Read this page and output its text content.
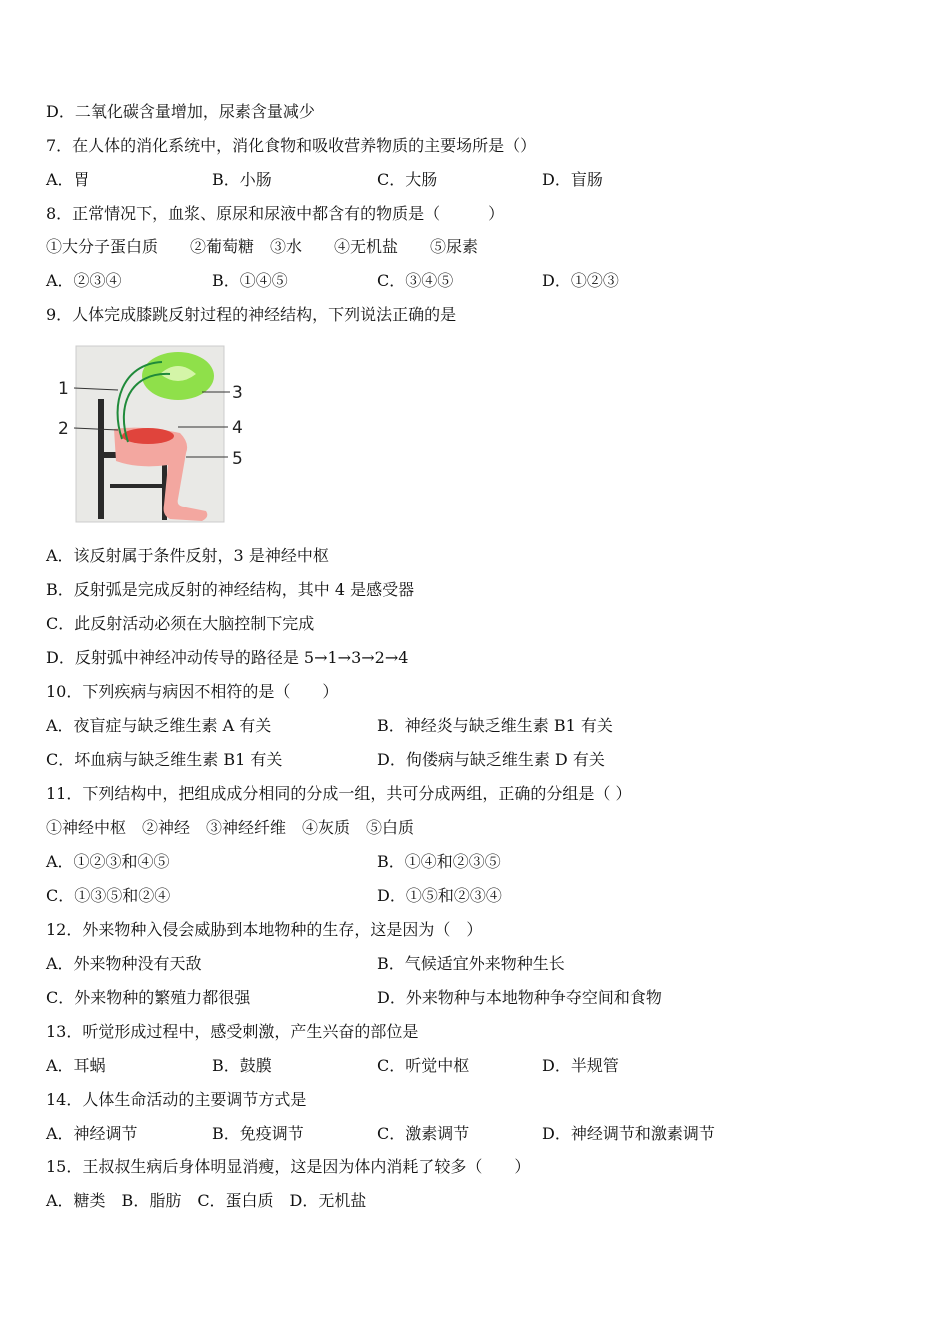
D．二氧化碳含量增加，尿素含量减少
7．在人体的消化系统中，消化食物和吸收营养物质的主要场所是（）
A．胃	B．小肠	C．大肠	D．盲肠
8．正常情况下，血浆、原尿和尿液中都含有的物质是（　　　）
①大分子蛋白质　　②葡萄糖　③水　　④无机盐　　⑤尿素
A．②③④	B．①④⑤	C．③④⑤	D．①②③
9．人体完成膝跳反射过程的神经结构，下列说法正确的是
1
2
3
4
5
A．该反射属于条件反射，3 是神经中枢
B．反射弧是完成反射的神经结构，其中 4 是感受器
C．此反射活动必须在大脑控制下完成
D．反射弧中神经冲动传导的路径是 5→1→3→2→4
10．下列疾病与病因不相符的是（　　）
A．夜盲症与缺乏维生素 A 有关	B．神经炎与缺乏维生素 B1 有关
C．坏血病与缺乏维生素 B1 有关	D．佝偻病与缺乏维生素 D 有关
11．下列结构中，把组成成分相同的分成一组，共可分成两组，正确的分组是（ ）
①神经中枢　②神经　③神经纤维　④灰质　⑤白质
A．①②③和④⑤	B．①④和②③⑤
C．①③⑤和②④	D．①⑤和②③④
12．外来物种入侵会威胁到本地物种的生存，这是因为（　）
A．外来物种没有天敌	B．气候适宜外来物种生长
C．外来物种的繁殖力都很强	D．外来物种与本地物种争夺空间和食物
13．听觉形成过程中，感受刺激，产生兴奋的部位是
A．耳蜗	B．鼓膜	C．听觉中枢	D．半规管
14．人体生命活动的主要调节方式是
A．神经调节	B．免疫调节	C．激素调节	D．神经调节和激素调节
15．王叔叔生病后身体明显消瘦，这是因为体内消耗了较多（　　）
A．糖类　B．脂肪　C．蛋白质　D．无机盐
